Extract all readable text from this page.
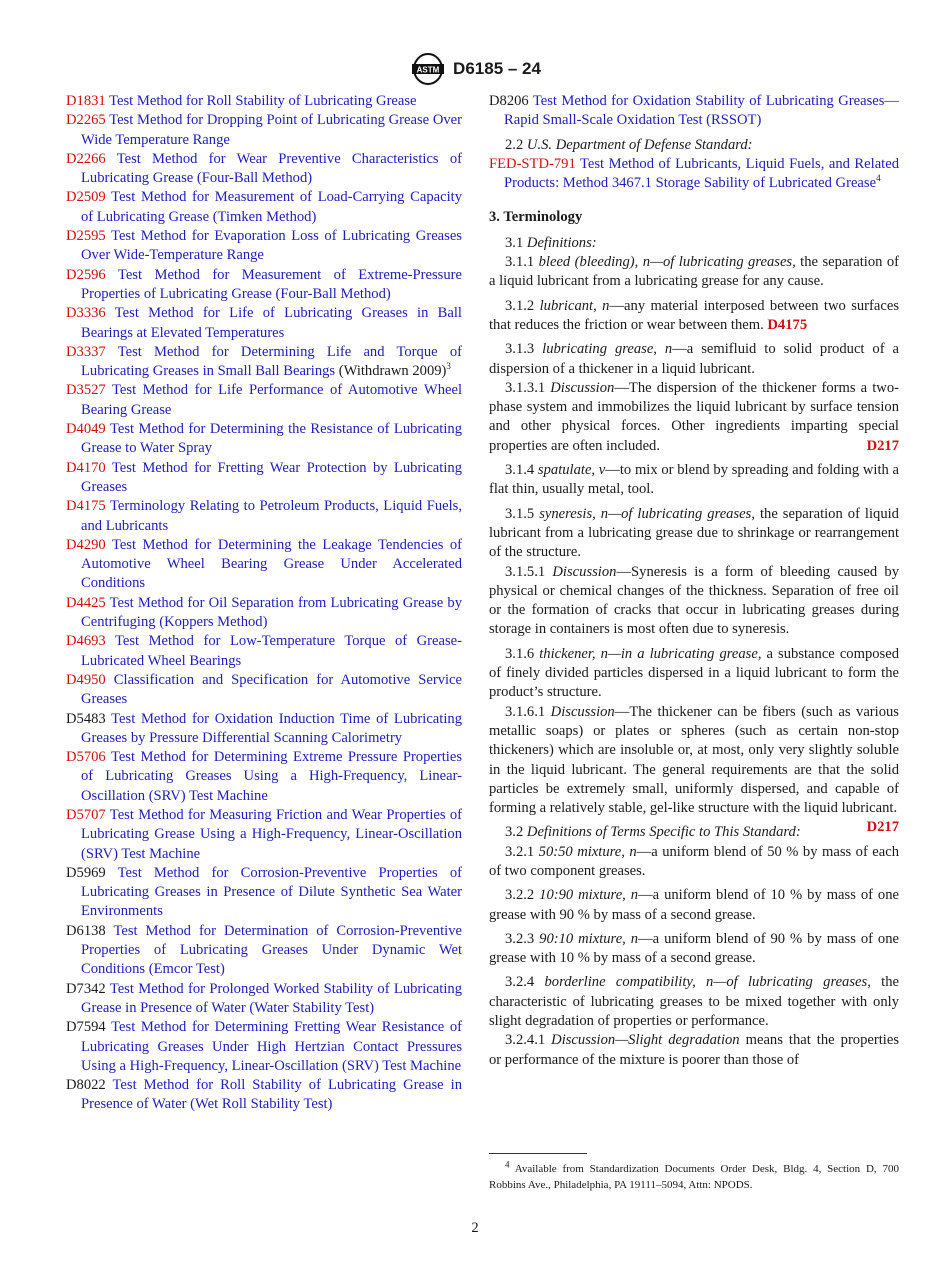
ASTM D6185 – 24
D1831 Test Method for Roll Stability of Lubricating Grease
D2265 Test Method for Dropping Point of Lubricating Grease Over Wide Temperature Range
D2266 Test Method for Wear Preventive Characteristics of Lubricating Grease (Four-Ball Method)
D2509 Test Method for Measurement of Load-Carrying Capacity of Lubricating Grease (Timken Method)
D2595 Test Method for Evaporation Loss of Lubricating Greases Over Wide-Temperature Range
D2596 Test Method for Measurement of Extreme-Pressure Properties of Lubricating Grease (Four-Ball Method)
D3336 Test Method for Life of Lubricating Greases in Ball Bearings at Elevated Temperatures
D3337 Test Method for Determining Life and Torque of Lubricating Greases in Small Ball Bearings (Withdrawn 2009)$^3$
D3527 Test Method for Life Performance of Automotive Wheel Bearing Grease
D4049 Test Method for Determining the Resistance of Lubricating Grease to Water Spray
D4170 Test Method for Fretting Wear Protection by Lubricating Greases
D4175 Terminology Relating to Petroleum Products, Liquid Fuels, and Lubricants
D4290 Test Method for Determining the Leakage Tendencies of Automotive Wheel Bearing Grease Under Accelerated Conditions
D4425 Test Method for Oil Separation from Lubricating Grease by Centrifuging (Koppers Method)
D4693 Test Method for Low-Temperature Torque of Grease-Lubricated Wheel Bearings
D4950 Classification and Specification for Automotive Service Greases
D5483 Test Method for Oxidation Induction Time of Lubricating Greases by Pressure Differential Scanning Calorimetry
D5706 Test Method for Determining Extreme Pressure Properties of Lubricating Greases Using a High-Frequency, Linear-Oscillation (SRV) Test Machine
D5707 Test Method for Measuring Friction and Wear Properties of Lubricating Grease Using a High-Frequency, Linear-Oscillation (SRV) Test Machine
D5969 Test Method for Corrosion-Preventive Properties of Lubricating Greases in Presence of Dilute Synthetic Sea Water Environments
D6138 Test Method for Determination of Corrosion-Preventive Properties of Lubricating Greases Under Dynamic Wet Conditions (Emcor Test)
D7342 Test Method for Prolonged Worked Stability of Lubricating Grease in Presence of Water (Water Stability Test)
D7594 Test Method for Determining Fretting Wear Resistance of Lubricating Greases Under High Hertzian Contact Pressures Using a High-Frequency, Linear-Oscillation (SRV) Test Machine
D8022 Test Method for Roll Stability of Lubricating Grease in Presence of Water (Wet Roll Stability Test)
D8206 Test Method for Oxidation Stability of Lubricating Greases—Rapid Small-Scale Oxidation Test (RSSOT)
2.2 U.S. Department of Defense Standard:
FED-STD-791 Test Method of Lubricants, Liquid Fuels, and Related Products: Method 3467.1 Storage Sability of Lubricated Grease$^4$
3. Terminology
3.1 Definitions:
3.1.1 bleed (bleeding), n—of lubricating greases, the separation of a liquid lubricant from a lubricating grease for any cause.
3.1.2 lubricant, n—any material interposed between two surfaces that reduces the friction or wear between them. D4175
3.1.3 lubricating grease, n—a semifluid to solid product of a dispersion of a thickener in a liquid lubricant.
3.1.3.1 Discussion—The dispersion of the thickener forms a two-phase system and immobilizes the liquid lubricant by surface tension and other physical forces. Other ingredients imparting special properties are often included.	D217
3.1.4 spatulate, v—to mix or blend by spreading and folding with a flat thin, usually metal, tool.
3.1.5 syneresis, n—of lubricating greases, the separation of liquid lubricant from a lubricating grease due to shrinkage or rearrangement of the structure.
3.1.5.1 Discussion—Syneresis is a form of bleeding caused by physical or chemical changes of the thickness. Separation of free oil or the formation of cracks that occur in lubricating greases during storage in containers is most often due to syneresis.
3.1.6 thickener, n—in a lubricating grease, a substance composed of finely divided particles dispersed in a liquid lubricant to form the product’s structure.
3.1.6.1 Discussion—The thickener can be fibers (such as various metallic soaps) or plates or spheres (such as certain non-stop thickeners) which are insoluble or, at most, only very slightly soluble in the liquid lubricant. The general requirements are that the solid particles be extremely small, uniformly dispersed, and capable of forming a relatively stable, gel-like structure with the liquid lubricant.
D217
3.2 Definitions of Terms Specific to This Standard:
3.2.1 50:50 mixture, n—a uniform blend of 50 % by mass of each of two component greases.
3.2.2 10:90 mixture, n—a uniform blend of 10 % by mass of one grease with 90 % by mass of a second grease.
3.2.3 90:10 mixture, n—a uniform blend of 90 % by mass of one grease with 10 % by mass of a second grease.
3.2.4 borderline compatibility, n—of lubricating greases, the characteristic of lubricating greases to be mixed together with only slight degradation of properties or performance.
3.2.4.1 Discussion—Slight degradation means that the properties or performance of the mixture is poorer than those of
$^4$ Available from Standardization Documents Order Desk, Bldg. 4, Section D, 700 Robbins Ave., Philadelphia, PA 19111–5094, Attn: NPODS.
2
